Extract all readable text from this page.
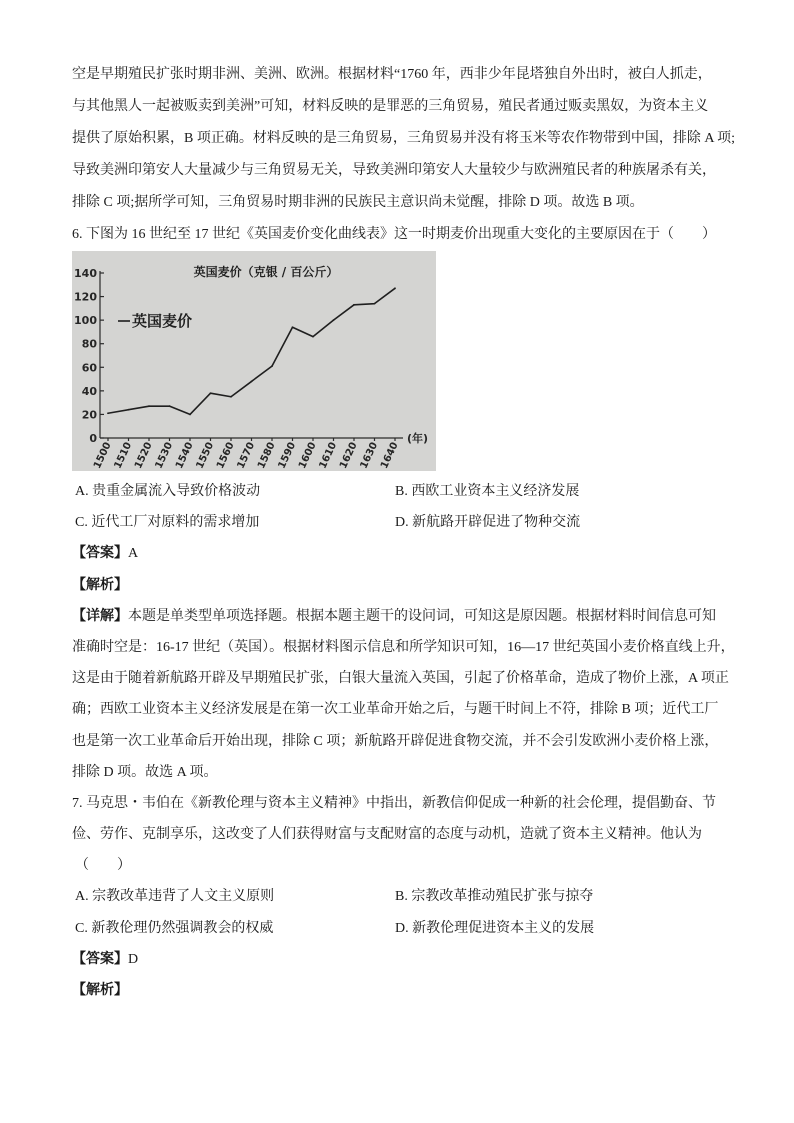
空是早期殖民扩张时期非洲、美洲、欧洲。根据材料“1760 年，西非少年昆塔独自外出时，被白人抓走，
与其他黑人一起被贩卖到美洲”可知，材料反映的是罪恶的三角贸易，殖民者通过贩卖黑奴，为资本主义
提供了原始积累，B 项正确。材料反映的是三角贸易，三角贸易并没有将玉米等农作物带到中国，排除 A 项;
导致美洲印第安人大量减少与三角贸易无关，导致美洲印第安人大量较少与欧洲殖民者的种族屠杀有关，
排除 C 项;据所学可知，三角贸易时期非洲的民族民主意识尚未觉醒，排除 D 项。故选 B 项。
6. 下图为 16 世纪至 17 世纪《英国麦价变化曲线表》这一时期麦价出现重大变化的主要原因在于（　　）
0
20
40
60
80
100
120
140
1500
1510
1520
1530
1540
1550
1560
1570
1580
1590
1600
1610
1620
1630
1640
(年)
英国麦价（克银 / 百公斤）
英国麦价
A. 贵重金属流入导致价格波动	B. 西欧工业资本主义经济发展
C. 近代工厂对原料的需求增加	D. 新航路开辟促进了物种交流
【答案】A
【解析】
【详解】本题是单类型单项选择题。根据本题主题干的设问词，可知这是原因题。根据材料时间信息可知
准确时空是：16-17 世纪（英国）。根据材料图示信息和所学知识可知，16—17 世纪英国小麦价格直线上升，
这是由于随着新航路开辟及早期殖民扩张，白银大量流入英国，引起了价格革命，造成了物价上涨，A 项正
确；西欧工业资本主义经济发展是在第一次工业革命开始之后，与题干时间上不符，排除 B 项；近代工厂
也是第一次工业革命后开始出现，排除 C 项；新航路开辟促进食物交流，并不会引发欧洲小麦价格上涨，
排除 D 项。故选 A 项。
7. 马克思・韦伯在《新教伦理与资本主义精神》中指出，新教信仰促成一种新的社会伦理，提倡勤奋、节
俭、劳作、克制享乐，这改变了人们获得财富与支配财富的态度与动机，造就了资本主义精神。他认为
（　　）
A. 宗教改革违背了人文主义原则	B. 宗教改革推动殖民扩张与掠夺
C. 新教伦理仍然强调教会的权威	D. 新教伦理促进资本主义的发展
【答案】D
【解析】
